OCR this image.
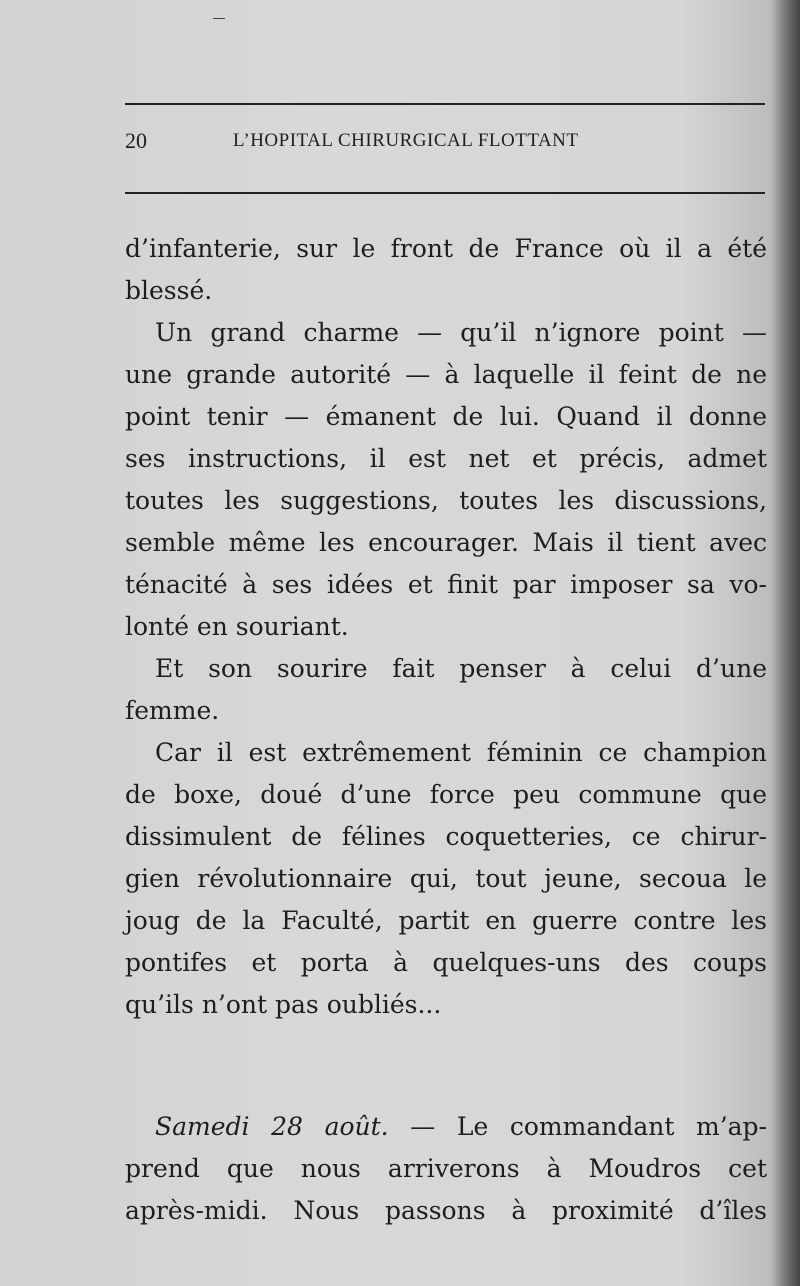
20	L’HOPITAL CHIRURGICAL FLOTTANT
d’infanterie, sur le front de France où il a été
blessé.
Un grand charme — qu’il n’ignore point —
une grande autorité — à laquelle il feint de ne
point tenir — émanent de lui. Quand il donne
ses instructions, il est net et précis, admet
toutes les suggestions, toutes les discussions,
semble même les encourager. Mais il tient avec
ténacité à ses idées et finit par imposer sa vo-
lonté en souriant.
Et son sourire fait penser à celui d’une
femme.
Car il est extrêmement féminin ce champion
de boxe, doué d’une force peu commune que
dissimulent de félines coquetteries, ce chirur-
gien révolutionnaire qui, tout jeune, secoua le
joug de la Faculté, partit en guerre contre les
pontifes et porta à quelques-uns des coups
qu’ils n’ont pas oubliés...
Samedi 28 août. — Le commandant m’ap-
prend que nous arriverons à Moudros cet
après-midi. Nous passons à proximité d’îles
